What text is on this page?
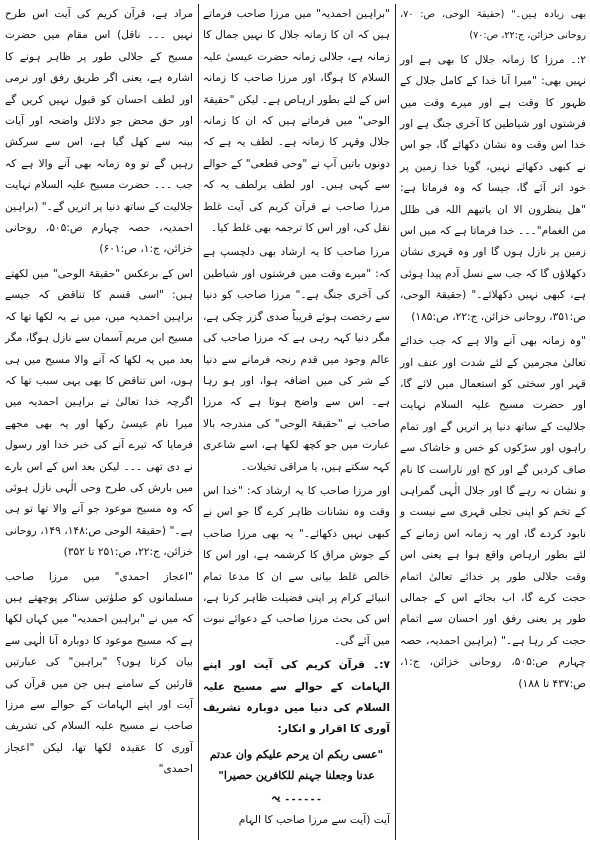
بھی زیادہ ہیں۔" (حقیقۃ الوحی، ص: ۷۰، روحانی خزائن، ج:۲۲، ص:۷۰)

۲:۔ مرزا کا زمانہ جلال کا بھی ہے اور نہیں بھی: "میرا آنا خدا کے کامل جلال کے ظہور کا وقت ہے اور میرے وقت میں فرشتوں اور شیاطین کا آخری جنگ ہے اور خدا اس وقت وہ نشان دکھائے گا، جو اس نے کبھی دکھائے نہیں، گویا خدا زمین پر خود اتر آئے گا، جیسا کہ وہ فرماتا ہے: "ھل ینظرون الا ان یاتیھم اللہ فی ظلل من الغمام"۔۔۔ خدا فرماتا ہے کہ میں اس زمین پر نازل ہوں گا اور وہ قہری نشان دکھلاؤں گا کہ جب سے نسل آدم پیدا ہوئی ہے، کبھی نہیں دکھلائے۔" (حقیقۃ الوحی، ص:۳۵۱، روحانی خزائن، ج:۲۲، ص:۱۸۵)

"وہ زمانہ بھی آنے والا ہے کہ جب خدائے تعالیٰ مجرمین کے لئے شدت اور عنف اور قہر اور سختی کو استعمال میں لائے گا، اور حضرت مسیح علیہ السلام نہایت جلالیت کے ساتھ دنیا پر اتریں گے اور تمام راہوں اور سڑکوں کو خس و خاشاک سے صاف کردیں گے اور کج اور ناراست کا نام و نشان نہ رہے گا اور جلال الٰہی گمراہی کے تخم کو اپنی تجلی قہری سے نیست و نابود کردے گا، اور یہ زمانہ اس زمانے کے لئے بطور ارہاص واقع ہوا ہے یعنی اس وقت جلالی طور پر خدائے تعالیٰ اتمام حجت کرے گا، اب بجائے اس کے جمالی طور پر یعنی رفق اور احسان سے اتمام حجت کر رہا ہے۔" (براہین احمدیہ، حصہ چہارم ص:۵۰۵، روحانی خزائن، ج:۱، ص:۴۳۷ تا ۱۸۸)

"براہین احمدیہ" میں مرزا صاحب فرماتے ہیں کہ ان کا زمانہ جلال کا نہیں جمال کا زمانہ ہے، جلالی زمانہ حضرت عیسیٰ علیہ السلام کا ہوگا، اور مرزا صاحب کا زمانہ اس کے لئے بطور ارہاص ہے۔ لیکن "حقیقۃ الوحی" میں فرماتے ہیں کہ ان کا زمانہ جلال وقہر کا زمانہ ہے۔ لطف یہ ہے کہ دونوں باتیں آپ نے "وحی قطعی" کے حوالے سے کہی ہیں۔ اور لطف برلطف یہ کہ مرزا صاحب نے قرآن کریم کی آیت غلط نقل کی، اور اس کا ترجمہ بھی غلط کیا۔

مرزا صاحب کا یہ ارشاد بھی دلچسپ ہے کہ: "میرے وقت میں فرشتوں اور شیاطین کی آخری جنگ ہے۔" مرزا صاحب کو دنیا سے رخصت ہوئے قریباً صدی گزر چکی ہے، مگر دنیا کہہ رہی ہے کہ مرزا صاحب کی عالم وجود میں قدم رنجہ فرمانے سے دنیا کے شر کی میں اضافہ ہوا، اور ہو رہا ہے۔ اس سے واضح ہوتا ہے کہ مرزا صاحب نے "حقیقۃ الوحی" کی مندرجہ بالا عبارت میں جو کچھ لکھا ہے، اسے شاعری کہہ سکتے ہیں، یا مراقی تخیلات۔

اور مرزا صاحب کا یہ ارشاد کہ: "خدا اس وقت وہ نشانات ظاہر کرے گا جو اس نے کبھی نہیں دکھائے۔" یہ بھی مرزا صاحب کے جوش مراق کا کرشمہ ہے، اور اس کا خالص غلط بیانی سے ان کا مدعا تمام انبیائے کرام پر اپنی فضیلت ظاہر کرنا ہے، اس کی بحث مرزا صاحب کے دعوائے نبوت میں آئے گی۔

۷:۔ قرآن کریم کی آیت اور اپنے الہامات کے حوالے سے مسیح علیہ السلام کی دنیا میں دوبارہ تشریف آوری کا اقرار و انکار:

"عسی ربکم ان یرحم علیکم وان عدتم عدنا وجعلنا جہنم للکافرین حصیرا" ۔۔۔۔۔۔ یہ

آیت (آیت سے مرزا صاحب کا الہام

مراد ہے، قرآن کریم کی آیت اس طرح نہیں ۔۔۔ ناقل) اس مقام میں حضرت مسیح کے جلالی طور پر ظاہر ہونے کا اشارہ ہے، یعنی اگر طریق رفق اور نرمی اور لطف احسان کو قبول نہیں کریں گے اور حق محض جو دلائل واضحہ اور آیات بینہ سے کھل گیا ہے، اس سے سرکش رہیں گے تو وہ زمانہ بھی آنے والا ہے کہ جب ۔۔۔ حضرت مسیح علیہ السلام نہایت جلالیت کے ساتھ دنیا پر اتریں گے۔" (براہین احمدیہ، حصہ چہارم ص:۵۰۵، روحانی خزائن، ج:۱، ص:۶۰۱)

اس کے برعکس "حقیقۃ الوحی" میں لکھتے ہیں: "اسی قسم کا تناقض کہ جیسے براہین احمدیہ میں، میں نے یہ لکھا تھا کہ مسیح ابن مریم آسمان سے نازل ہوگا، مگر بعد میں یہ لکھا کہ آنے والا مسیح میں ہی ہوں، اس تناقض کا بھی یہی سبب تھا کہ اگرچہ خدا تعالیٰ نے براہین احمدیہ میں میرا نام عیسیٰ رکھا اور یہ بھی مجھے فرمایا کہ تیرے آنے کی خبر خدا اور رسول نے دی تھی ۔۔۔ لیکن بعد اس کے اس بارے میں بارش کی طرح وحی الٰہی نازل ہوئی کہ وہ مسیح موعود جو آنے والا تھا تو ہی ہے۔" (حقیقۃ الوحی ص:۱۴۸، ۱۴۹، روحانی خزائن، ج:۲۲، ص:۲۵۱ تا ۳۵۲)

"اعجاز احمدی" میں مرزا صاحب مسلمانوں کو صلوٰتیں سناکر پوچھتے ہیں کہ میں نے "براہین احمدیہ" میں کہاں لکھا ہے کہ مسیح موعود کا دوبارہ آنا الٰہی سے بیان کرتا ہوں؟ "براہین" کی عبارتیں قارئین کے سامنے ہیں جن میں قرآن کی آیت اور اپنے الہامات کے حوالے سے مرزا صاحب نے مسیح علیہ السلام کی تشریف آوری کا عقیدہ لکھا تھا، لیکن "اعجاز احمدی"
